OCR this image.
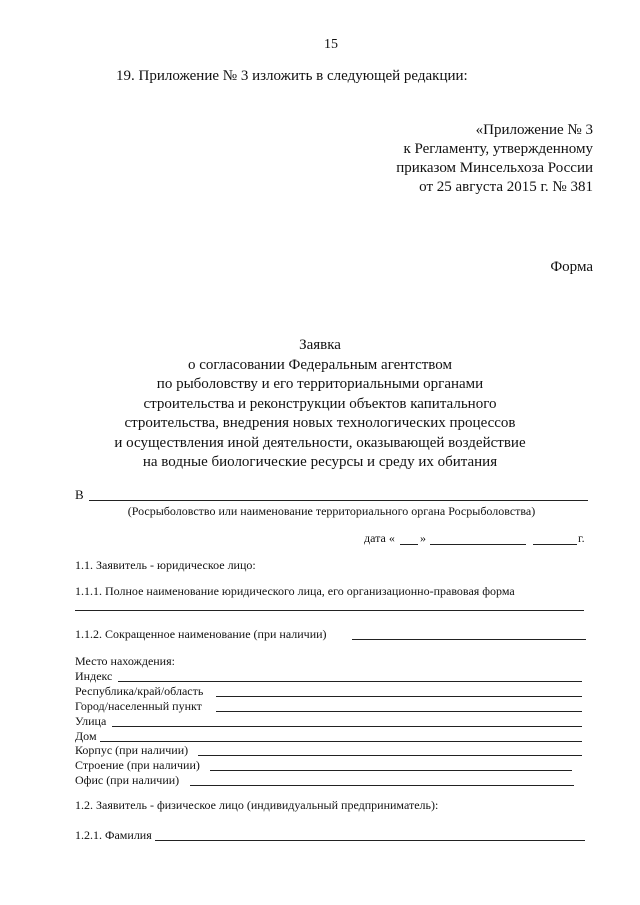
15
19. Приложение № 3 изложить в следующей редакции:
«Приложение № 3
к Регламенту, утвержденному
приказом Минсельхоза России
от 25 августа 2015 г. № 381
Форма
Заявка
о согласовании Федеральным агентством
по рыболовству и его территориальными органами
строительства и реконструкции объектов капитального
строительства, внедрения новых технологических процессов
и осуществления иной деятельности, оказывающей воздействие
на водные биологические ресурсы и среду их обитания
В
(Росрыболовство или наименование территориального органа Росрыболовства)
дата « »	г.
1.1. Заявитель - юридическое лицо:
1.1.1. Полное наименование юридического лица, его организационно-правовая форма
1.1.2. Сокращенное наименование (при наличии)
Место нахождения:
Индекс
Республика/край/область
Город/населенный пункт
Улица
Дом
Корпус (при наличии)
Строение (при наличии)
Офис (при наличии)
1.2. Заявитель - физическое лицо (индивидуальный предприниматель):
1.2.1. Фамилия
